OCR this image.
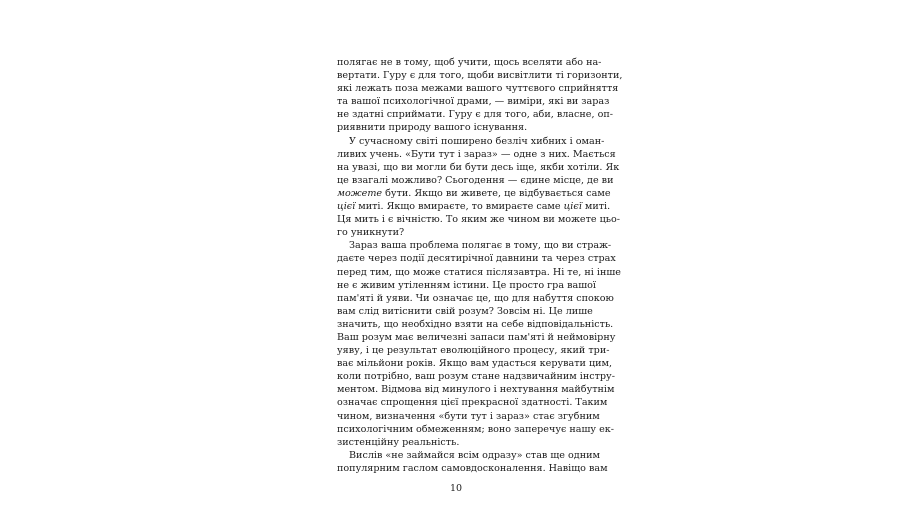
полягає не в тому, щоб учити, щось вселяти або на-
вертати. Гуру є для того, щоби висвітлити ті горизонти,
які лежать поза межами вашого чуттєвого сприйняття
та вашої психологічної драми, — виміри, які ви зараз
не здатні сприймати. Гуру є для того, аби, власне, оп-
риявнити природу вашого існування.

У сучасному світі поширено безліч хибних і оман-
ливих учень. «Бути тут і зараз» — одне з них. Мається
на увазі, що ви могли би бути десь іще, якби хотіли. Як
це взагалі можливо? Сьогодення — єдине місце, де ви
можете бути. Якщо ви живете, це відбувається саме
цієї миті. Якщо вмираєте, то вмираєте саме цієї миті.
Ця мить і є вічністю. То яким же чином ви можете цьо-
го уникнути?

Зараз ваша проблема полягає в тому, що ви страж-
даєте через події десятирічної давнини та через страх
перед тим, що може статися післязавтра. Ні те, ні інше
не є живим утіленням істини. Це просто гра вашої
пам'яті й уяви. Чи означає це, що для набуття спокою
вам слід витіснити свій розум? Зовсім ні. Це лише
значить, що необхідно взяти на себе відповідальність.
Ваш розум має величезні запаси пам'яті й неймовірну
уяву, і це результат еволюційного процесу, який три-
ває мільйони років. Якщо вам удасться керувати цим,
коли потрібно, ваш розум стане надзвичайним інстру-
ментом. Відмова від минулого і нехтування майбутнім
означає спрощення цієї прекрасної здатності. Таким
чином, визначення «бути тут і зараз» стає згубним
психологічним обмеженням; воно заперечує нашу ек-
зистенційну реальність.

Вислів «не займайся всім одразу» став ще одним
популярним гаслом самовдосконалення. Навіщо вам

10
